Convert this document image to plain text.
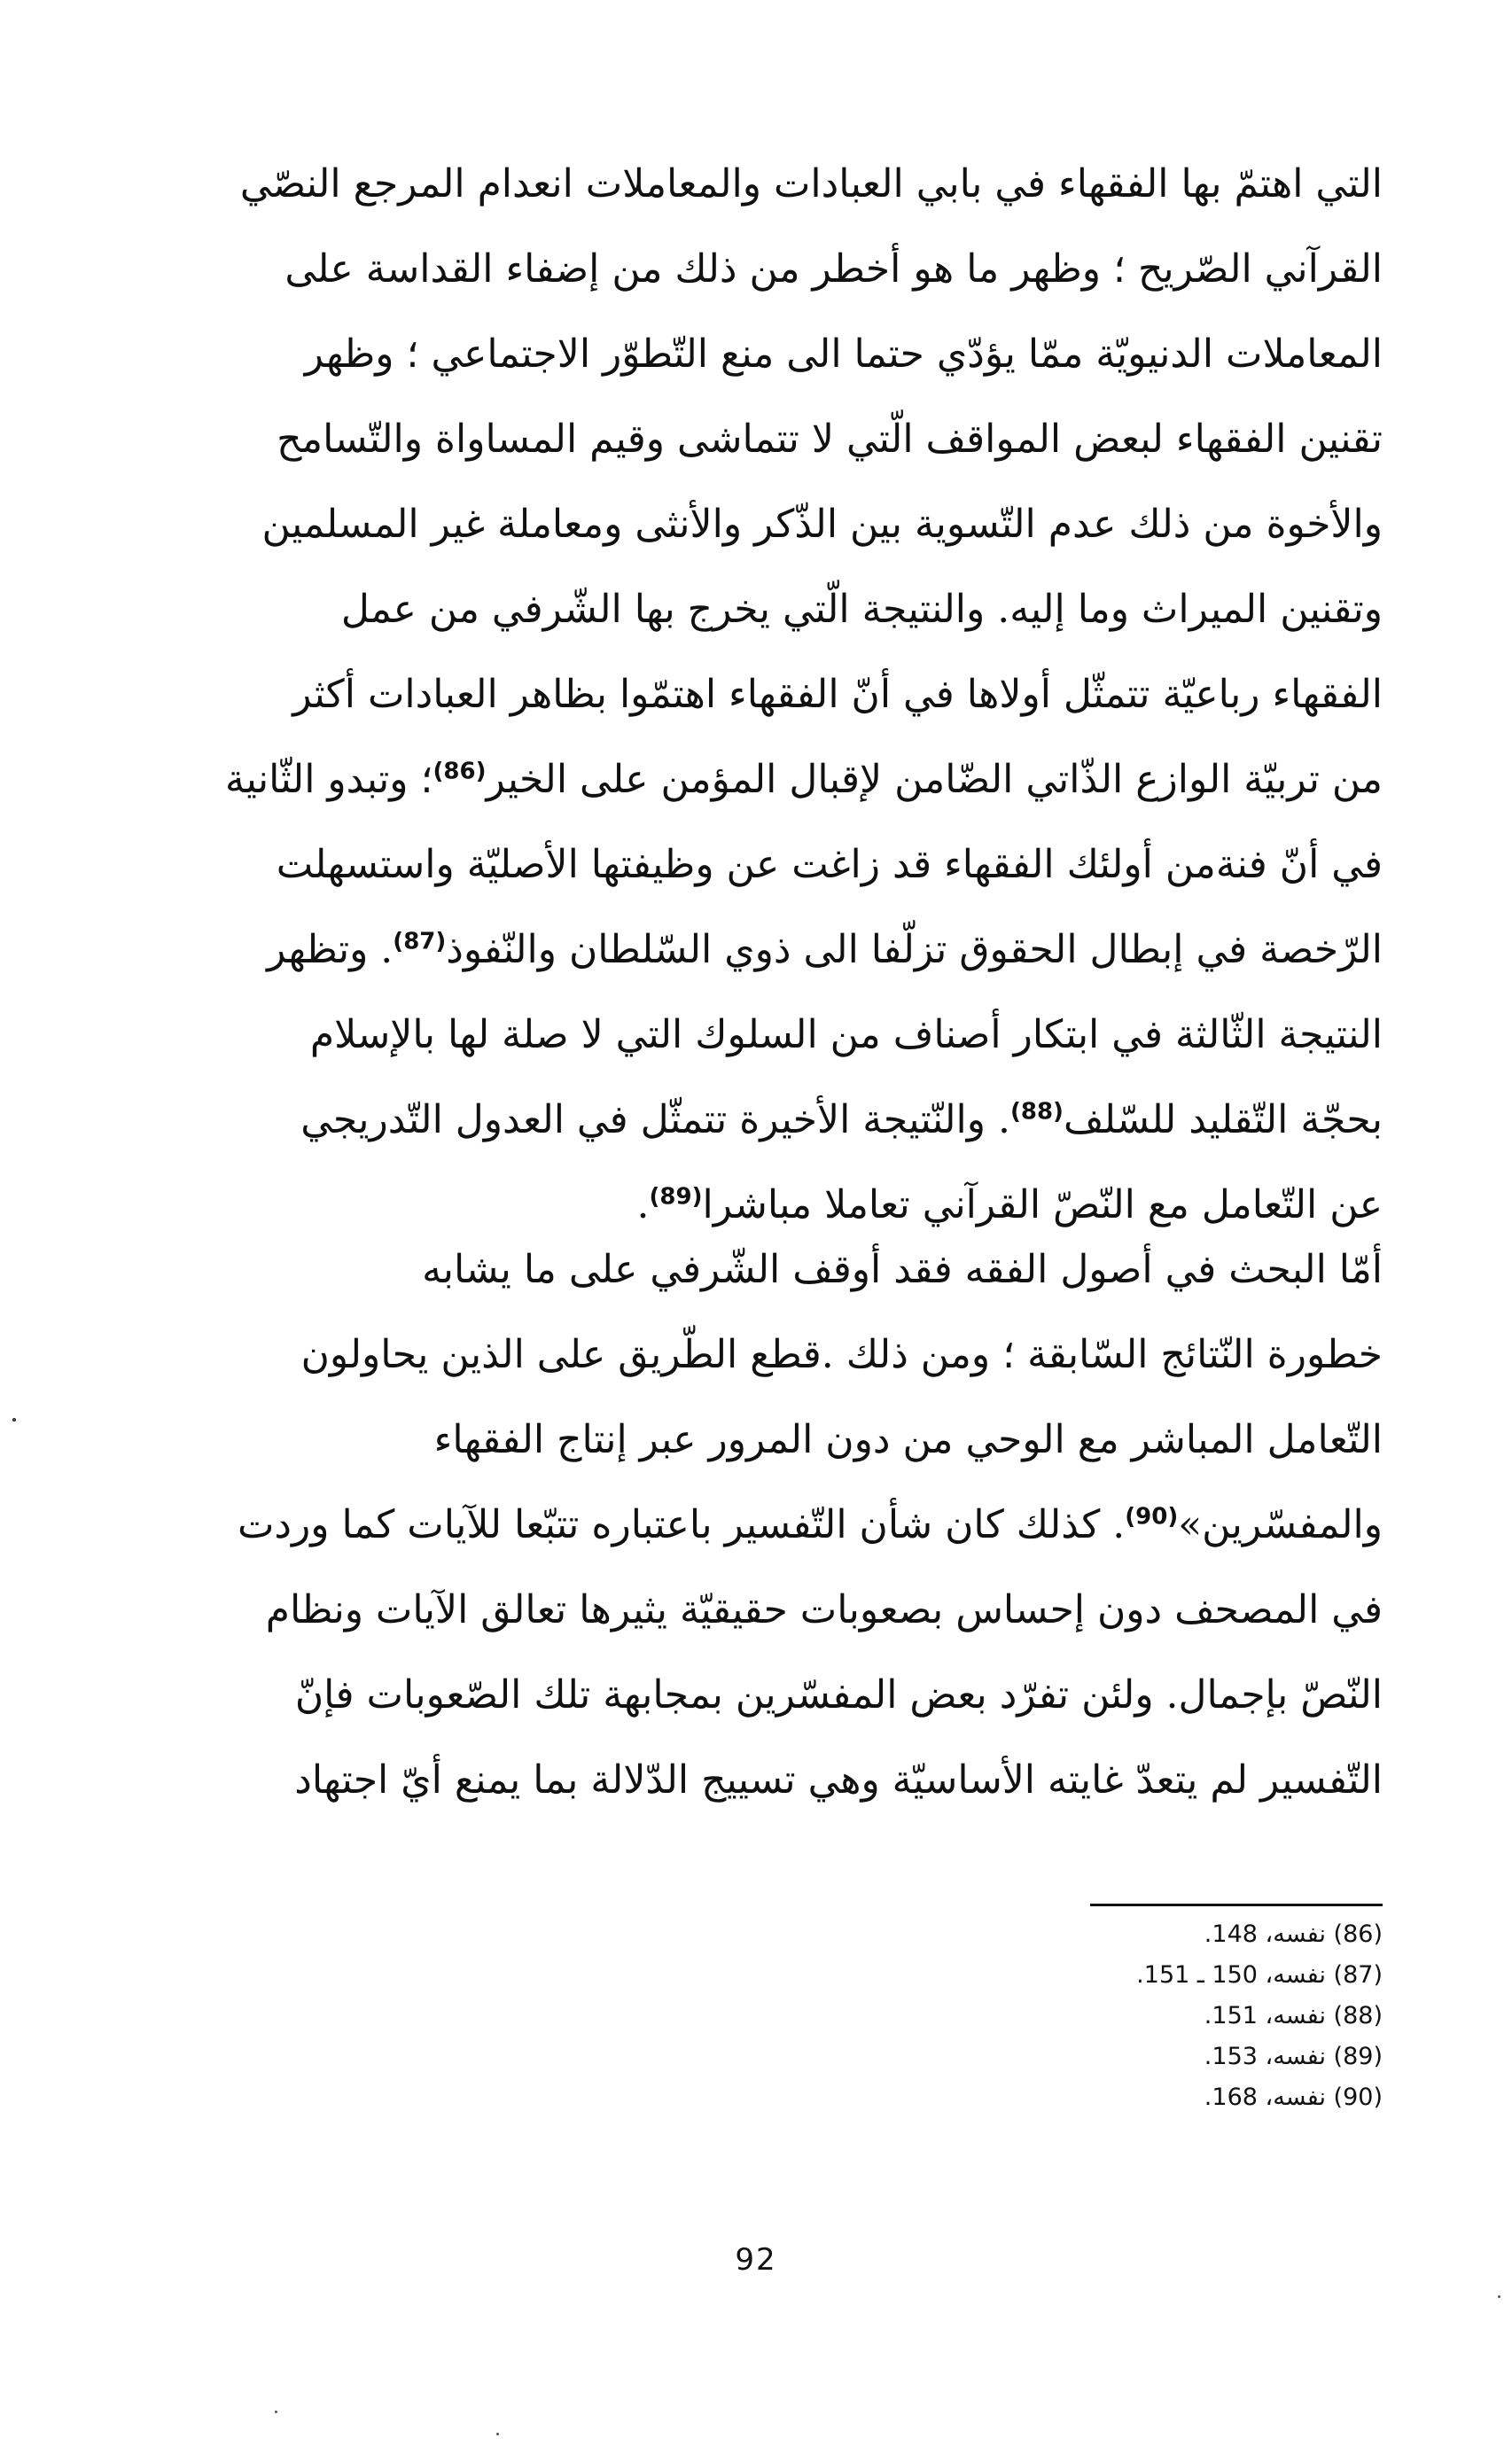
التي اهتمّ بها الفقهاء في بابي العبادات والمعاملات انعدام المرجع النصّي
القرآني الصّريح ؛ وظهر ما هو أخطر من ذلك من إضفاء القداسة على
المعاملات الدنيويّة ممّا يؤدّي حتما الى منع التّطوّر الاجتماعي ؛ وظهر
تقنين الفقهاء لبعض المواقف الّتي لا تتماشى وقيم المساواة والتّسامح
والأخوة من ذلك عدم التّسوية بين الذّكر والأنثى ومعاملة غير المسلمين
وتقنين الميراث وما إليه. والنتيجة الّتي يخرج بها الشّرفي من عمل
الفقهاء رباعيّة تتمثّل أولاها في أنّ الفقهاء اهتمّوا بظاهر العبادات أكثر
من تربيّة الوازع الذّاتي الضّامن لإقبال المؤمن على الخير$^{(86)}$؛ وتبدو الثّانية
في أنّ فنةمن أولئك الفقهاء قد زاغت عن وظيفتها الأصليّة واستسهلت
الرّخصة في إبطال الحقوق تزلّفا الى ذوي السّلطان والنّفوذ$^{(87)}$. وتظهر
النتيجة الثّالثة في ابتكار أصناف من السلوك التي لا صلة لها بالإسلام
بحجّة التّقليد للسّلف$^{(88)}$. والنّتيجة الأخيرة تتمثّل في العدول التّدريجي
عن التّعامل مع النّصّ القرآني تعاملا مباشرا$^{(89)}$.
أمّا البحث في أصول الفقه فقد أوقف الشّرفي على ما يشابه
خطورة النّتائج السّابقة ؛ ومن ذلك .قطع الطّريق على الذين يحاولون
التّعامل المباشر مع الوحي من دون المرور عبر إنتاج الفقهاء
والمفسّرين»$^{(90)}$. كذلك كان شأن التّفسير باعتباره تتبّعا للآيات كما وردت
في المصحف دون إحساس بصعوبات حقيقيّة يثيرها تعالق الآيات ونظام
النّصّ بإجمال. ولئن تفرّد بعض المفسّرين بمجابهة تلك الصّعوبات فإنّ
التّفسير لم يتعدّ غايته الأساسيّة وهي تسييج الدّلالة بما يمنع أيّ اجتهاد
(86) نفسه، 148.
(87) نفسه، 150 ـ 151.
(88) نفسه، 151.
(89) نفسه، 153.
(90) نفسه، 168.
92
